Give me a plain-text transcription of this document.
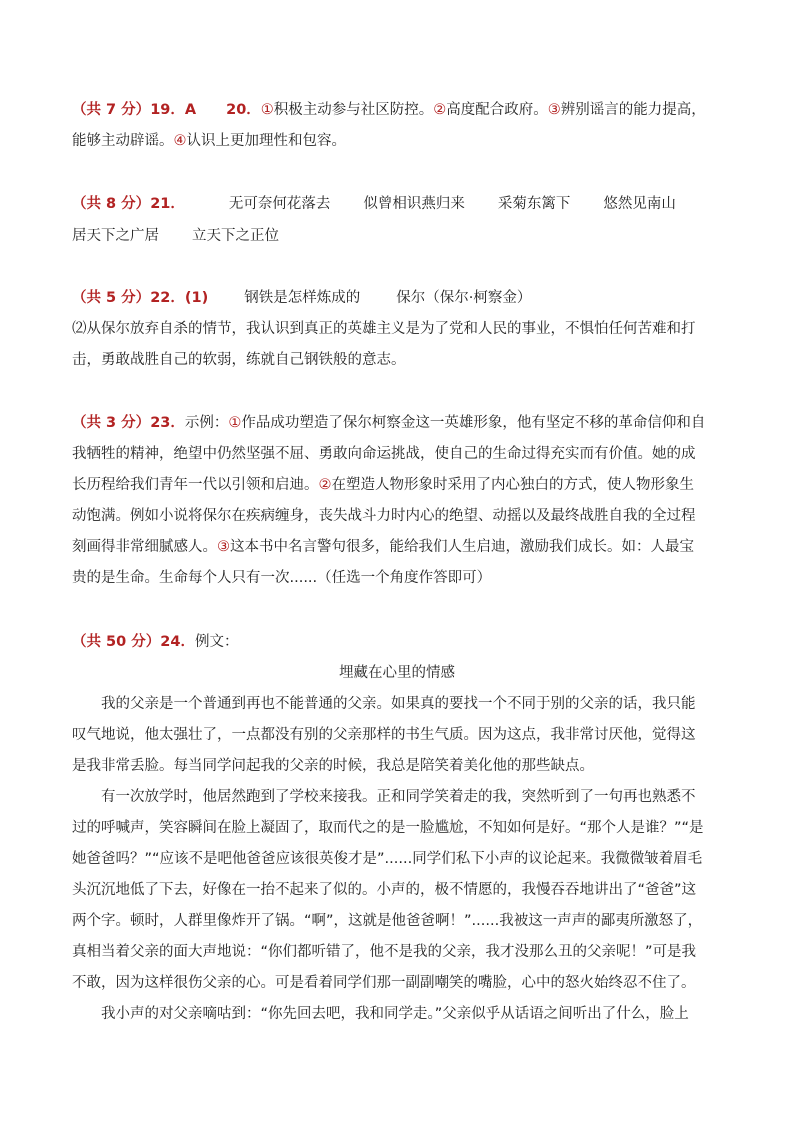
（共 7 分）19．A 20．①积极主动参与社区防控。②高度配合政府。③辨别谣言的能力提高，
能够主动辟谣。④认识上更加理性和包容。
（共 8 分）21．	无可奈何花落去 似曾相识燕归来 采菊东篱下 悠然见南山
居天下之广居 立天下之正位
（共 5 分）22．(1) 钢铁是怎样炼成的 保尔（保尔·柯察金）
⑵从保尔放弃自杀的情节，我认识到真正的英雄主义是为了党和人民的事业，不惧怕任何苦难和打
击，勇敢战胜自己的软弱，练就自己钢铁般的意志。
（共 3 分）23．示例：①作品成功塑造了保尔柯察金这一英雄形象，他有坚定不移的革命信仰和自
我牺牲的精神，绝望中仍然坚强不屈、勇敢向命运挑战，使自己的生命过得充实而有价值。她的成
长历程给我们青年一代以引领和启迪。②在塑造人物形象时采用了内心独白的方式，使人物形象生
动饱满。例如小说将保尔在疾病缠身，丧失战斗力时内心的绝望、动摇以及最终战胜自我的全过程
刻画得非常细腻感人。③这本书中名言警句很多，能给我们人生启迪，激励我们成长。如：人最宝
贵的是生命。生命每个人只有一次......（任选一个角度作答即可）
（共 50 分）24．例文：
埋藏在心里的情感
我的父亲是一个普通到再也不能普通的父亲。如果真的要找一个不同于别的父亲的话，我只能
叹气地说，他太强壮了，一点都没有别的父亲那样的书生气质。因为这点，我非常讨厌他，觉得这
是我非常丢脸。每当同学问起我的父亲的时候，我总是陪笑着美化他的那些缺点。
有一次放学时，他居然跑到了学校来接我。正和同学笑着走的我，突然听到了一句再也熟悉不
过的呼喊声，笑容瞬间在脸上凝固了，取而代之的是一脸尴尬，不知如何是好。“那个人是谁？”“是
她爸爸吗？”“应该不是吧他爸爸应该很英俊才是”......同学们私下小声的议论起来。我微微皱着眉毛
头沉沉地低了下去，好像在一抬不起来了似的。小声的，极不情愿的，我慢吞吞地讲出了“爸爸”这
两个字。顿时，人群里像炸开了锅。“啊”，这就是他爸爸啊！”......我被这一声声的鄙夷所激怒了，
真相当着父亲的面大声地说：“你们都听错了，他不是我的父亲，我才没那么丑的父亲呢！”可是我
不敢，因为这样很伤父亲的心。可是看着同学们那一副副嘲笑的嘴脸，心中的怒火始终忍不住了。
我小声的对父亲嘀咕到：“你先回去吧，我和同学走。”父亲似乎从话语之间听出了什么，脸上
